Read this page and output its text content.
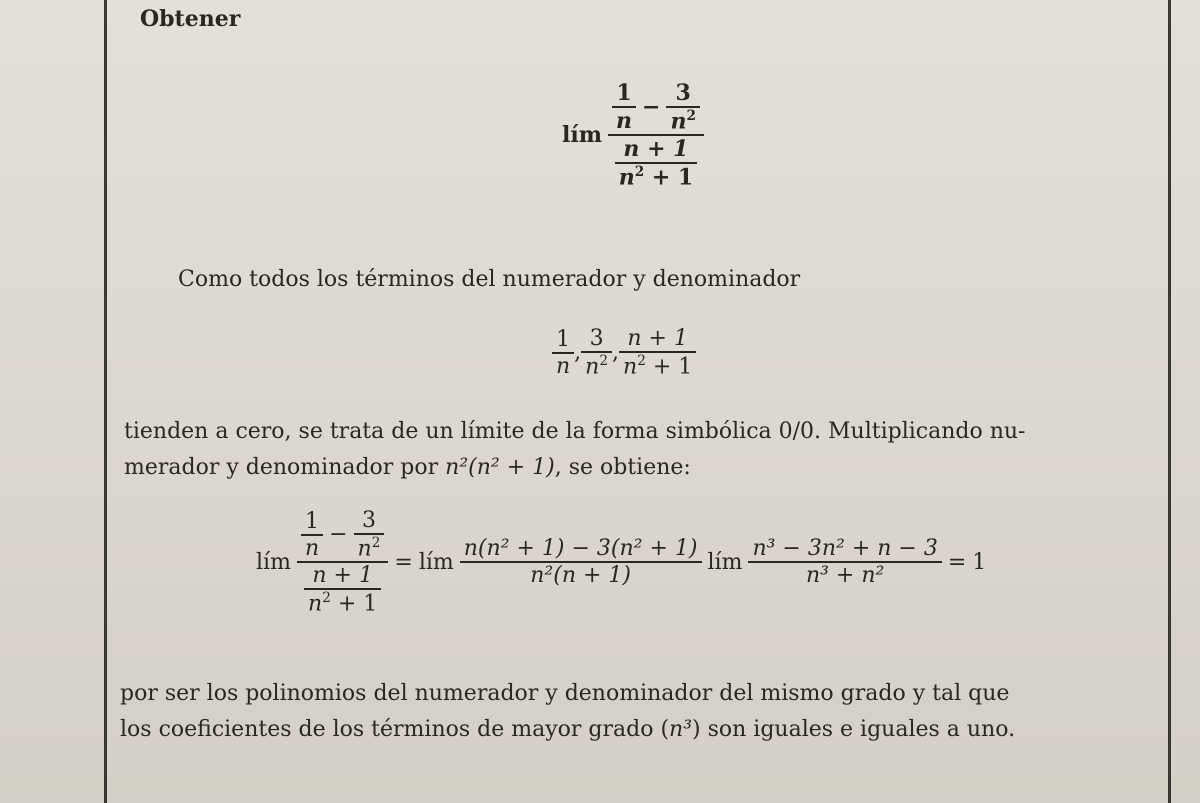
Obtener
lím
$\frac{1}{n} - \frac{3}{n^2}$
$\frac{n + 1}{n^2 + 1}$
Como todos los términos del numerador y denominador
$\frac{1}{n}$ , $\frac{3}{n^2}$ , $\frac{n + 1}{n^2 + 1}$
tienden a cero, se trata de un límite de la forma simbólica 0/0. Multiplicando nu-
merador y denominador por n²(n² + 1), se obtiene:
lím
$\frac{1}{n} - \frac{3}{n^2}$
$\frac{n + 1}{n^2 + 1}$
= lím $\frac{\text{n(n² + 1) − 3(n² + 1)}}{\text{n²(n + 1)}}$ lím $\frac{\text{n³ − 3n² + n − 3}}{\text{n³ + n²}} = 1$
por ser los polinomios del numerador y denominador del mismo grado y tal que
los coeficientes de los términos de mayor grado (n³) son iguales e iguales a uno.
